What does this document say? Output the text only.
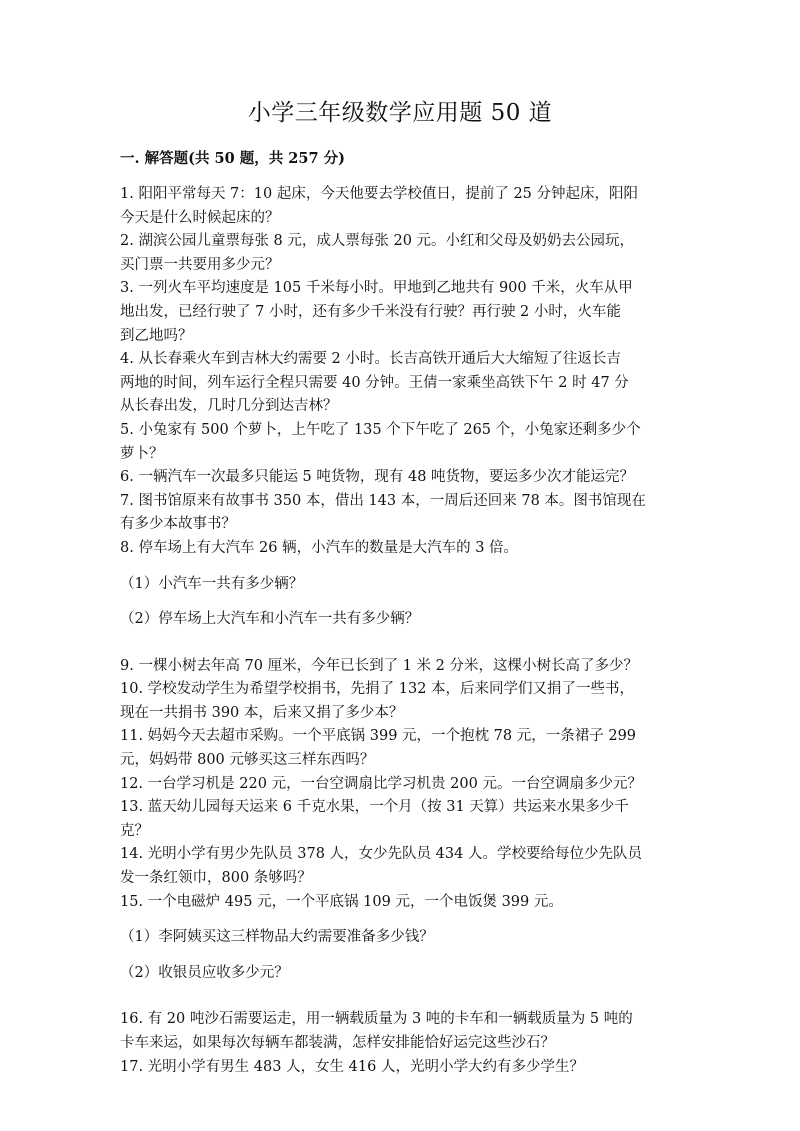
小学三年级数学应用题 50 道
一. 解答题(共 50 题，共 257 分)

1. 阳阳平常每天 7：10 起床，今天他要去学校值日，提前了 25 分钟起床，阳阳

今天是什么时候起床的？

2. 湖滨公园儿童票每张 8 元，成人票每张 20 元。小红和父母及奶奶去公园玩，

买门票一共要用多少元？

3. 一列火车平均速度是 105 千米每小时。甲地到乙地共有 900 千米，火车从甲

地出发，已经行驶了 7 小时，还有多少千米没有行驶？再行驶 2 小时，火车能

到乙地吗？

4. 从长春乘火车到吉林大约需要 2 小时。长吉高铁开通后大大缩短了往返长吉

两地的时间，列车运行全程只需要 40 分钟。王倩一家乘坐高铁下午 2 时 47 分

从长春出发，几时几分到达吉林？

5. 小兔家有 500 个萝卜，上午吃了 135 个下午吃了 265 个，小兔家还剩多少个

萝卜？

6. 一辆汽车一次最多只能运 5 吨货物，现有 48 吨货物，要运多少次才能运完？

7. 图书馆原来有故事书 350 本，借出 143 本，一周后还回来 78 本。图书馆现在

有多少本故事书？

8. 停车场上有大汽车 26 辆，小汽车的数量是大汽车的 3 倍。

（1）小汽车一共有多少辆？

（2）停车场上大汽车和小汽车一共有多少辆？

9. 一棵小树去年高 70 厘米，今年已长到了 1 米 2 分米，这棵小树长高了多少？

10. 学校发动学生为希望学校捐书，先捐了 132 本，后来同学们又捐了一些书，

现在一共捐书 390 本，后来又捐了多少本？

11. 妈妈今天去超市采购。一个平底锅 399 元，一个抱枕 78 元，一条裙子 299

元，妈妈带 800 元够买这三样东西吗？

12. 一台学习机是 220 元，一台空调扇比学习机贵 200 元。一台空调扇多少元？

13. 蓝天幼儿园每天运来 6 千克水果，一个月（按 31 天算）共运来水果多少千

克？

14. 光明小学有男少先队员 378 人，女少先队员 434 人。学校要给每位少先队员

发一条红领巾，800 条够吗？

15. 一个电磁炉 495 元，一个平底锅 109 元，一个电饭煲 399 元。

（1）李阿姨买这三样物品大约需要准备多少钱？

（2）收银员应收多少元？

16. 有 20 吨沙石需要运走，用一辆载质量为 3 吨的卡车和一辆载质量为 5 吨的

卡车来运，如果每次每辆车都装满，怎样安排能恰好运完这些沙石？

17. 光明小学有男生 483 人，女生 416 人，光明小学大约有多少学生？
